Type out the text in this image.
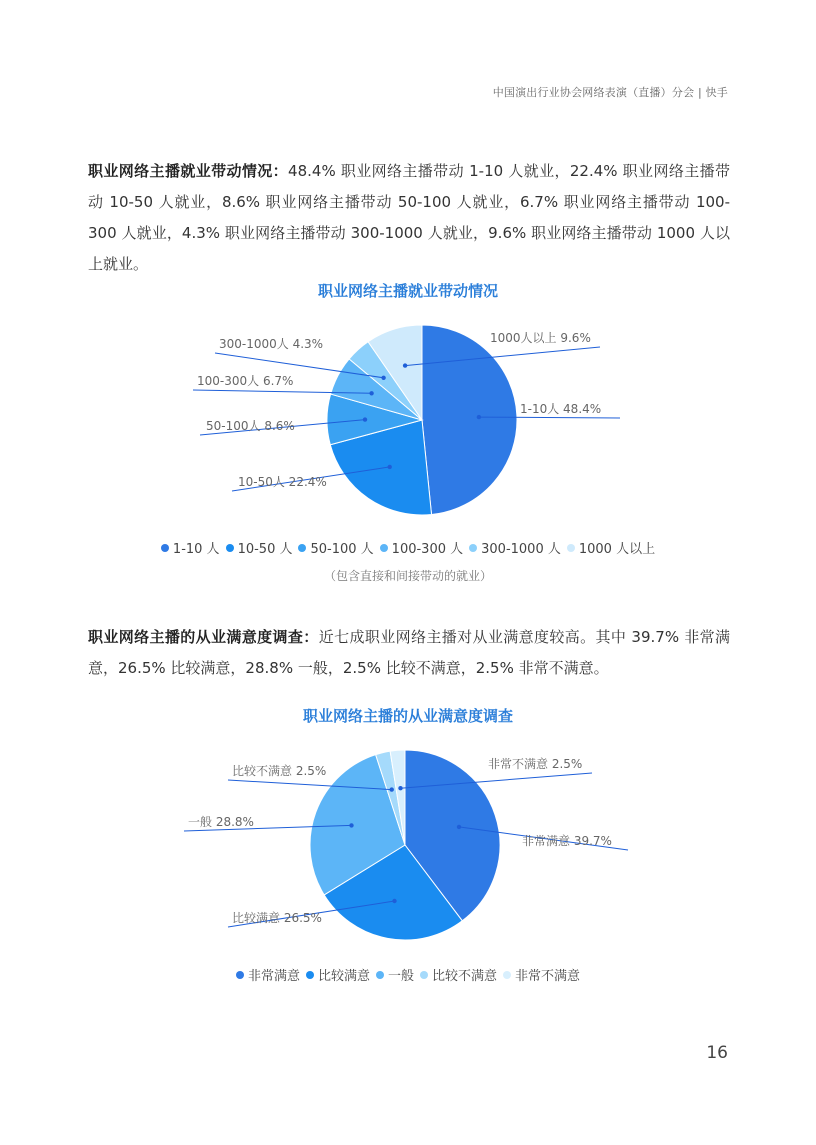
中国演出行业协会网络表演（直播）分会 | 快手
职业网络主播就业带动情况：48.4% 职业网络主播带动 1-10 人就业，22.4% 职业网络主播带动 10-50 人就业，8.6% 职业网络主播带动 50-100 人就业，6.7% 职业网络主播带动 100-300 人就业，4.3% 职业网络主播带动 300-1000 人就业，9.6% 职业网络主播带动 1000 人以上就业。
职业网络主播就业带动情况
1-10人 48.4%
10-50人 22.4%
50-100人 8.6%
100-300人 6.7%
300-1000人 4.3%	1000人以上 9.6%
1-10 人 10-50 人 50-100 人 100-300 人 300-1000 人 1000 人以上
（包含直接和间接带动的就业）
职业网络主播的从业满意度调查：近七成职业网络主播对从业满意度较高。其中 39.7% 非常满意，26.5% 比较满意，28.8% 一般，2.5% 比较不满意，2.5% 非常不满意。
职业网络主播的从业满意度调查
非常满意 39.7%
比较满意 26.5%
一般 28.8%
比较不满意 2.5%	非常不满意 2.5%
非常满意 比较满意 一般 比较不满意 非常不满意
16
